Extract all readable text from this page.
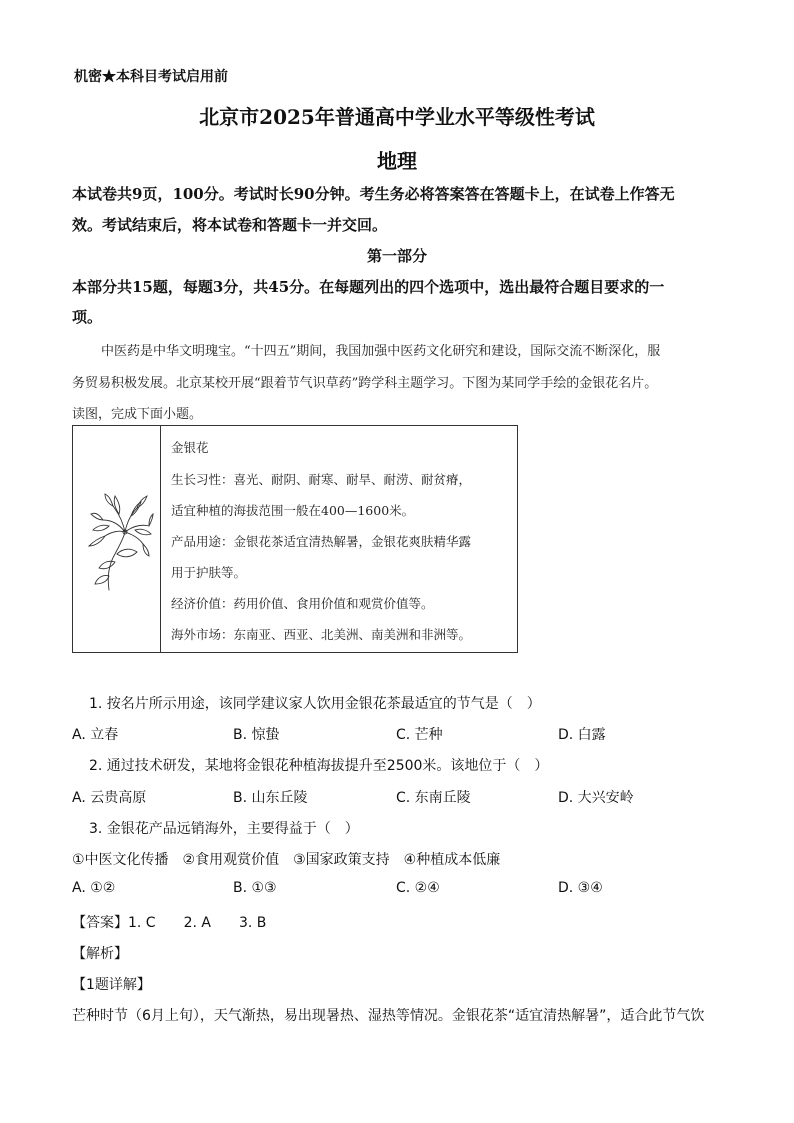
机密★本科目考试启用前
北京市2025年普通高中学业水平等级性考试
地理
本试卷共9页，100分。考试时长90分钟。考生务必将答案答在答题卡上，在试卷上作答无
效。考试结束后，将本试卷和答题卡一并交回。
第一部分
本部分共15题，每题3分，共45分。在每题列出的四个选项中，选出最符合题目要求的一
项。
中医药是中华文明瑰宝。“十四五”期间，我国加强中医药文化研究和建设，国际交流不断深化，服
务贸易积极发展。北京某校开展“跟着节气识草药”跨学科主题学习。下图为某同学手绘的金银花名片。
读图，完成下面小题。
金银花
生长习性：喜光、耐阴、耐寒、耐旱、耐涝、耐贫瘠，
适宜种植的海拔范围一般在400—1600米。
产品用途：金银花茶适宜清热解暑，金银花爽肤精华露
用于护肤等。
经济价值：药用价值、食用价值和观赏价值等。
海外市场：东南亚、西亚、北美洲、南美洲和非洲等。
1. 按名片所示用途，该同学建议家人饮用金银花茶最适宜的节气是（　）
A. 立春	B. 惊蛰	C. 芒种	D. 白露
2. 通过技术研发，某地将金银花种植海拔提升至2500米。该地位于（　）
A. 云贵高原	B. 山东丘陵	C. 东南丘陵	D. 大兴安岭
3. 金银花产品远销海外，主要得益于（　）
①中医文化传播　②食用观赏价值　③国家政策支持　④种植成本低廉
A. ①②	B. ①③	C. ②④	D. ③④
【答案】1. C　　2. A　　3. B
【解析】
【1题详解】
芒种时节（6月上旬），天气渐热，易出现暑热、湿热等情况。金银花茶“适宜清热解暑”，适合此节气饮
